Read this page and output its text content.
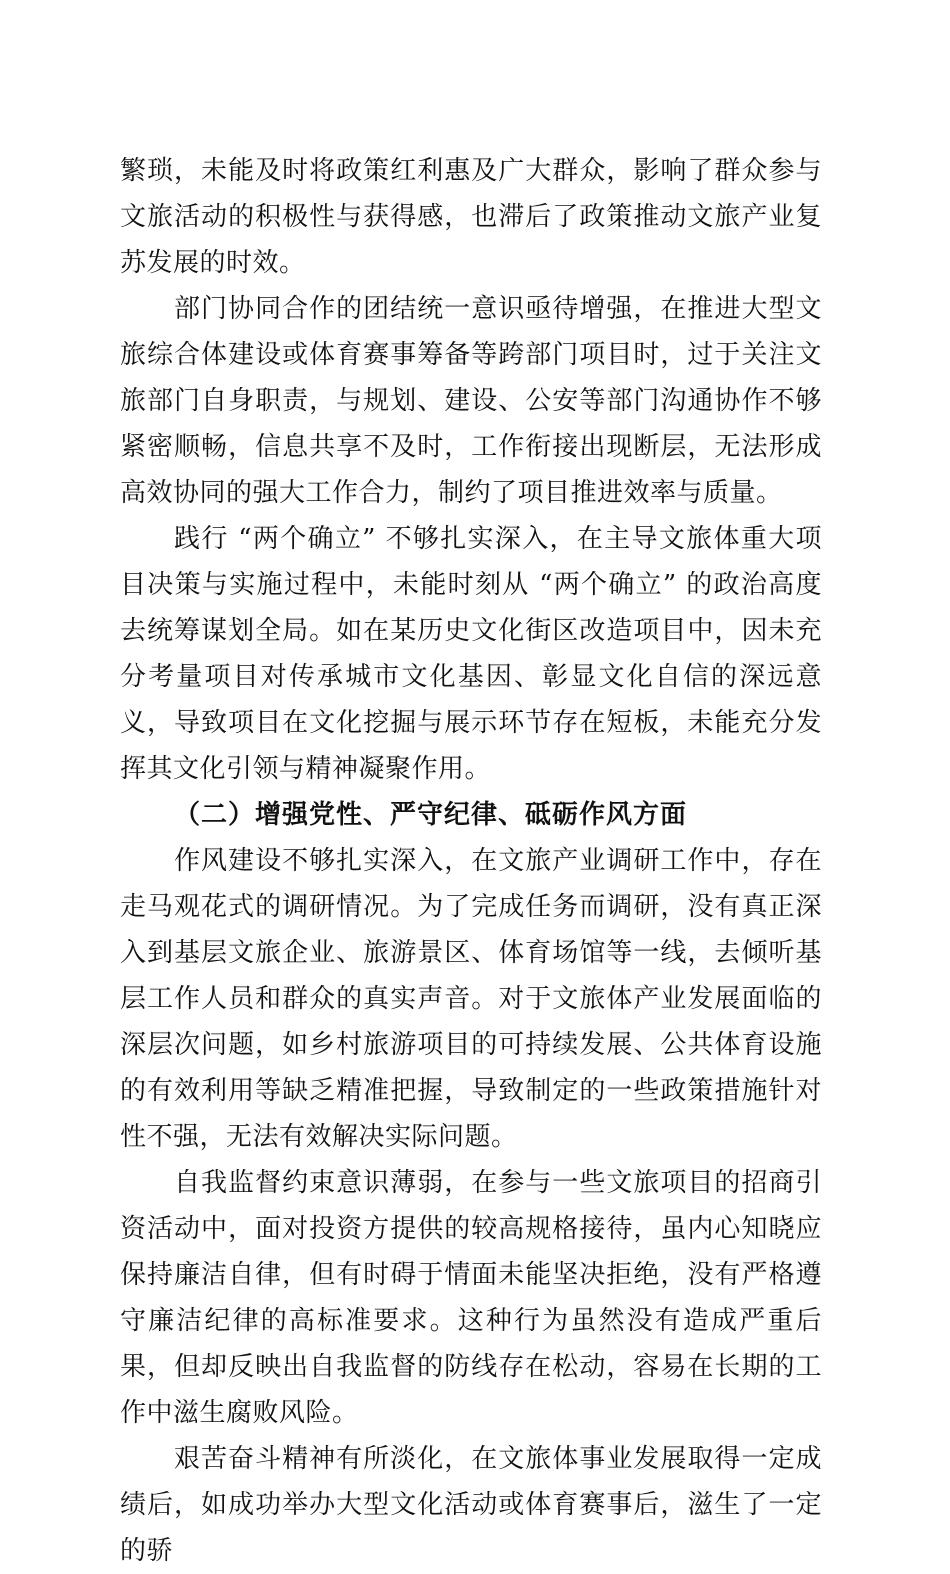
繁琐，未能及时将政策红利惠及广大群众，影响了群众参与文旅活动的积极性与获得感，也滞后了政策推动文旅产业复苏发展的时效。

部门协同合作的团结统一意识亟待增强，在推进大型文旅综合体建设或体育赛事筹备等跨部门项目时，过于关注文旅部门自身职责，与规划、建设、公安等部门沟通协作不够紧密顺畅，信息共享不及时，工作衔接出现断层，无法形成高效协同的强大工作合力，制约了项目推进效率与质量。

践行 “两个确立” 不够扎实深入，在主导文旅体重大项目决策与实施过程中，未能时刻从 “两个确立” 的政治高度去统筹谋划全局。如在某历史文化街区改造项目中，因未充分考量项目对传承城市文化基因、彰显文化自信的深远意义，导致项目在文化挖掘与展示环节存在短板，未能充分发挥其文化引领与精神凝聚作用。

（二）增强党性、严守纪律、砥砺作风方面

作风建设不够扎实深入，在文旅产业调研工作中，存在走马观花式的调研情况。为了完成任务而调研，没有真正深入到基层文旅企业、旅游景区、体育场馆等一线，去倾听基层工作人员和群众的真实声音。对于文旅体产业发展面临的深层次问题，如乡村旅游项目的可持续发展、公共体育设施的有效利用等缺乏精准把握，导致制定的一些政策措施针对性不强，无法有效解决实际问题。

自我监督约束意识薄弱，在参与一些文旅项目的招商引资活动中，面对投资方提供的较高规格接待，虽内心知晓应保持廉洁自律，但有时碍于情面未能坚决拒绝，没有严格遵守廉洁纪律的高标准要求。这种行为虽然没有造成严重后果，但却反映出自我监督的防线存在松动，容易在长期的工作中滋生腐败风险。

艰苦奋斗精神有所淡化，在文旅体事业发展取得一定成绩后，如成功举办大型文化活动或体育赛事后，滋生了一定的骄
